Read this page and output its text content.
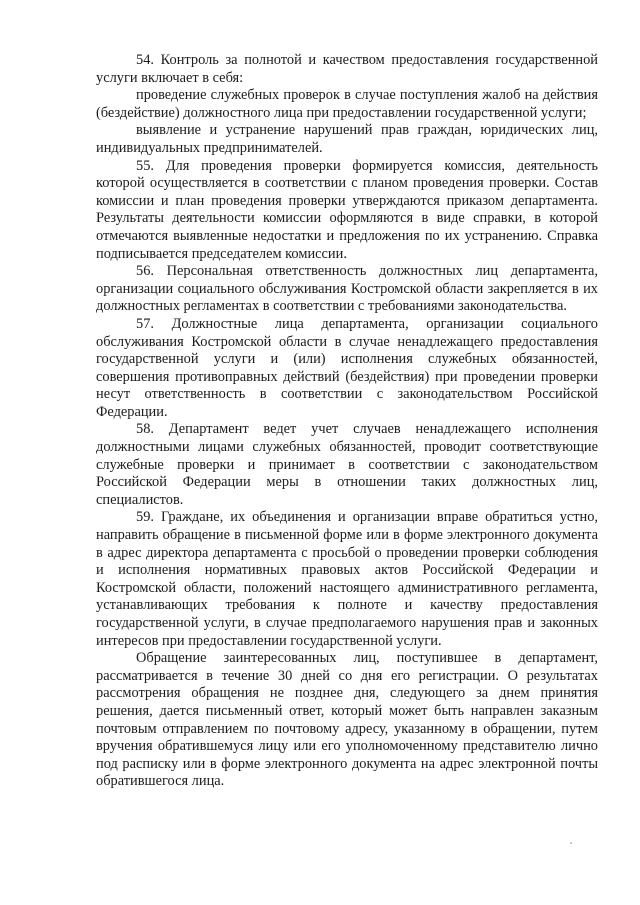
54. Контроль за полнотой и качеством предоставления государственной услуги включает в себя:

проведение служебных проверок в случае поступления жалоб на действия (бездействие) должностного лица при предоставлении государственной услуги;

выявление и устранение нарушений прав граждан, юридических лиц, индивидуальных предпринимателей.

55. Для проведения проверки формируется комиссия, деятельность которой осуществляется в соответствии с планом проведения проверки. Состав комиссии и план проведения проверки утверждаются приказом департамента. Результаты деятельности комиссии оформляются в виде справки, в которой отмечаются выявленные недостатки и предложения по их устранению. Справка подписывается председателем комиссии.

56. Персональная ответственность должностных лиц департамента, организации социального обслуживания Костромской области закрепляется в их должностных регламентах в соответствии с требованиями законодательства.

57. Должностные лица департамента, организации социального обслуживания Костромской области в случае ненадлежащего предоставления государственной услуги и (или) исполнения служебных обязанностей, совершения противоправных действий (бездействия) при проведении проверки несут ответственность в соответствии с законодательством Российской Федерации.

58. Департамент ведет учет случаев ненадлежащего исполнения должностными лицами служебных обязанностей, проводит соответствующие служебные проверки и принимает в соответствии с законодательством Российской Федерации меры в отношении таких должностных лиц, специалистов.

59. Граждане, их объединения и организации вправе обратиться устно, направить обращение в письменной форме или в форме электронного документа в адрес директора департамента с просьбой о проведении проверки соблюдения и исполнения нормативных правовых актов Российской Федерации и Костромской области, положений настоящего административного регламента, устанавливающих требования к полноте и качеству предоставления государственной услуги, в случае предполагаемого нарушения прав и законных интересов при предоставлении государственной услуги.

Обращение заинтересованных лиц, поступившее в департамент, рассматривается в течение 30 дней со дня его регистрации. О результатах рассмотрения обращения не позднее дня, следующего за днем принятия решения, дается письменный ответ, который может быть направлен заказным почтовым отправлением по почтовому адресу, указанному в обращении, путем вручения обратившемуся лицу или его уполномоченному представителю лично под расписку или в форме электронного документа на адрес электронной почты обратившегося лица.
